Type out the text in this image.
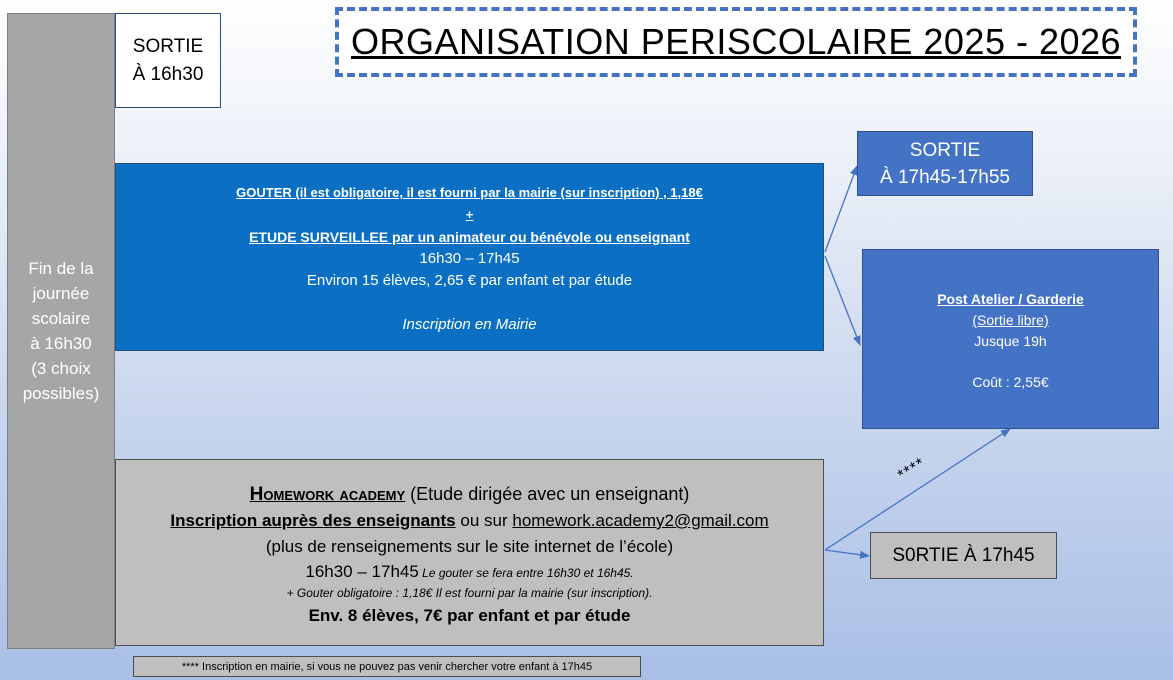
Fin de la
journée
scolaire
à 16h30
(3 choix
possibles)
SORTIE
À 16h30
ORGANISATION PERISCOLAIRE 2025 - 2026
GOUTER (il est obligatoire, il est fourni par la mairie (sur inscription) , 1,18€
+
ETUDE SURVEILLEE par un animateur ou bénévole ou enseignant
16h30 – 17h45
Environ 15 élèves, 2,65 € par enfant et par étude
Inscription en Mairie
SORTIE
À 17h45-17h55
Post Atelier / Garderie
(Sortie libre)
Jusque 19h
Coût : 2,55€
Homework academy (Etude dirigée avec un enseignant)
Inscription auprès des enseignants ou sur homework.academy2@gmail.com
(plus de renseignements sur le site internet de l’école)
16h30 – 17h45 Le gouter se fera entre 16h30 et 16h45.
+ Gouter obligatoire : 1,18€ Il est fourni par la mairie (sur inscription).
Env. 8 élèves, 7€ par enfant et par étude
S0RTIE À 17h45
****
**** Inscription en mairie, si vous ne pouvez pas venir chercher votre enfant à 17h45
